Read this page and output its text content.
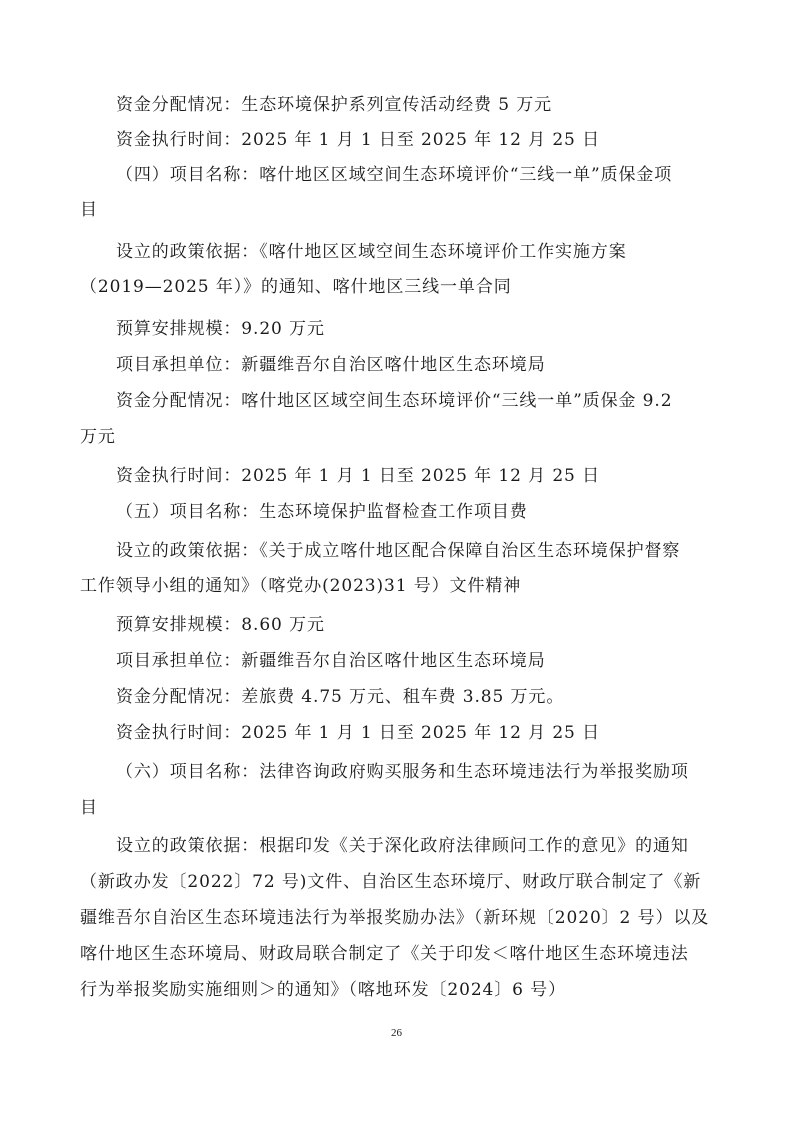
资金分配情况：生态环境保护系列宣传活动经费 5 万元

资金执行时间：2025 年 1 月 1 日至 2025 年 12 月 25 日

（四）项目名称：喀什地区区域空间生态环境评价“三线一单”质保金项

目

设立的政策依据：《喀什地区区域空间生态环境评价工作实施方案

（2019—2025 年）》的通知、喀什地区三线一单合同

预算安排规模：9.20 万元

项目承担单位：新疆维吾尔自治区喀什地区生态环境局

资金分配情况：喀什地区区域空间生态环境评价“三线一单”质保金 9.2

万元

资金执行时间：2025 年 1 月 1 日至 2025 年 12 月 25 日

（五）项目名称：生态环境保护监督检查工作项目费

设立的政策依据：《关于成立喀什地区配合保障自治区生态环境保护督察

工作领导小组的通知》（喀党办(2023)31 号）文件精神

预算安排规模：8.60 万元

项目承担单位：新疆维吾尔自治区喀什地区生态环境局

资金分配情况：差旅费 4.75 万元、租车费 3.85 万元。

资金执行时间：2025 年 1 月 1 日至 2025 年 12 月 25 日

（六）项目名称：法律咨询政府购买服务和生态环境违法行为举报奖励项

目

设立的政策依据：根据印发《关于深化政府法律顾问工作的意见》的通知

（新政办发〔2022〕72 号)文件、自治区生态环境厅、财政厅联合制定了《新

疆维吾尔自治区生态环境违法行为举报奖励办法》（新环规〔2020〕2 号）以及

喀什地区生态环境局、财政局联合制定了《关于印发＜喀什地区生态环境违法

行为举报奖励实施细则＞的通知》（喀地环发〔2024〕6 号）

26
